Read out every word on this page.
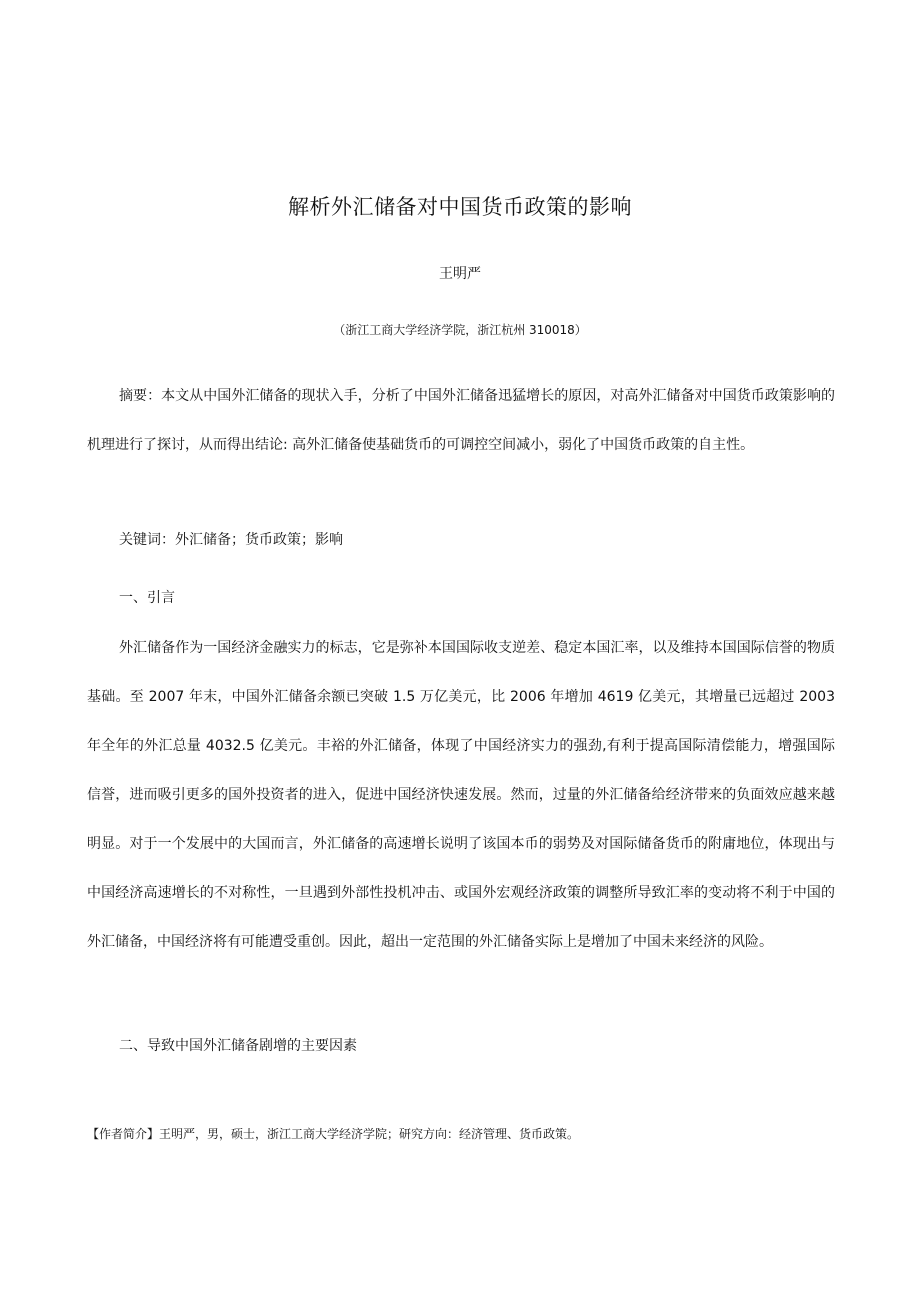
解析外汇储备对中国货币政策的影响
王明严
（浙江工商大学经济学院，浙江杭州 310018）

摘要：本文从中国外汇储备的现状入手，分析了中国外汇储备迅猛增长的原因，对高外汇储备对中国货币政策影响的机理进行了探讨，从而得出结论: 高外汇储备使基础货币的可调控空间减小，弱化了中国货币政策的自主性。

关键词：外汇储备；货币政策；影响

一、引言

外汇储备作为一国经济金融实力的标志，它是弥补本国国际收支逆差、稳定本国汇率，以及维持本国国际信誉的物质基础。至 2007 年末，中国外汇储备余额已突破 1.5 万亿美元，比 2006 年增加 4619 亿美元，其增量已远超过 2003 年全年的外汇总量 4032.5 亿美元。丰裕的外汇储备，体现了中国经济实力的强劲,有利于提高国际清偿能力，增强国际信誉，进而吸引更多的国外投资者的进入，促进中国经济快速发展。然而，过量的外汇储备给经济带来的负面效应越来越明显。对于一个发展中的大国而言，外汇储备的高速增长说明了该国本币的弱势及对国际储备货币的附庸地位，体现出与中国经济高速增长的不对称性，一旦遇到外部性投机冲击、或国外宏观经济政策的调整所导致汇率的变动将不利于中国的外汇储备，中国经济将有可能遭受重创。因此，超出一定范围的外汇储备实际上是增加了中国未来经济的风险。

二、导致中国外汇储备剧增的主要因素

【作者简介】王明严，男，硕士，浙江工商大学经济学院；研究方向：经济管理、货币政策。
